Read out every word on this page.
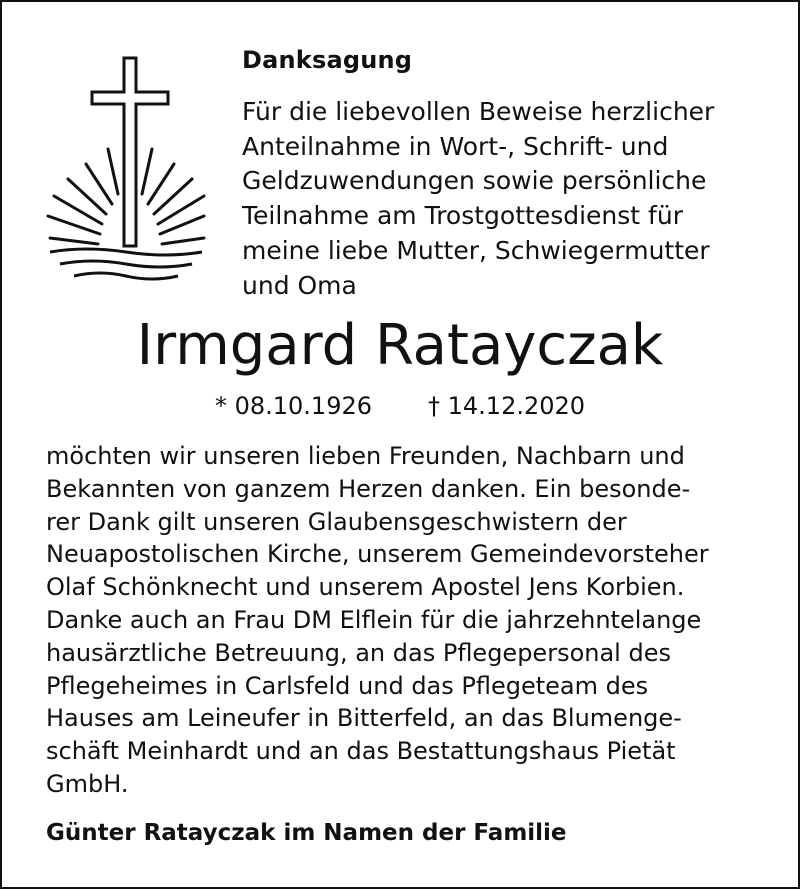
Danksagung
Für die liebevollen Beweise herzlicher
Anteilnahme in Wort-, Schrift- und
Geldzuwendungen sowie persönliche
Teilnahme am Trostgottesdienst für
meine liebe Mutter, Schwiegermutter
und Oma
Irmgard Ratayczak
* 08.10.1926 † 14.12.2020
möchten wir unseren lieben Freunden, Nachbarn und
Bekannten von ganzem Herzen danken. Ein besonde-
rer Dank gilt unseren Glaubensgeschwistern der
Neuapostolischen Kirche, unserem Gemeindevorsteher
Olaf Schönknecht und unserem Apostel Jens Korbien.
Danke auch an Frau DM Elflein für die jahrzehntelange
hausärztliche Betreuung, an das Pflegepersonal des
Pflegeheimes in Carlsfeld und das Pflegeteam des
Hauses am Leineufer in Bitterfeld, an das Blumenge-
schäft Meinhardt und an das Bestattungshaus Pietät
GmbH.
Günter Ratayczak im Namen der Familie
